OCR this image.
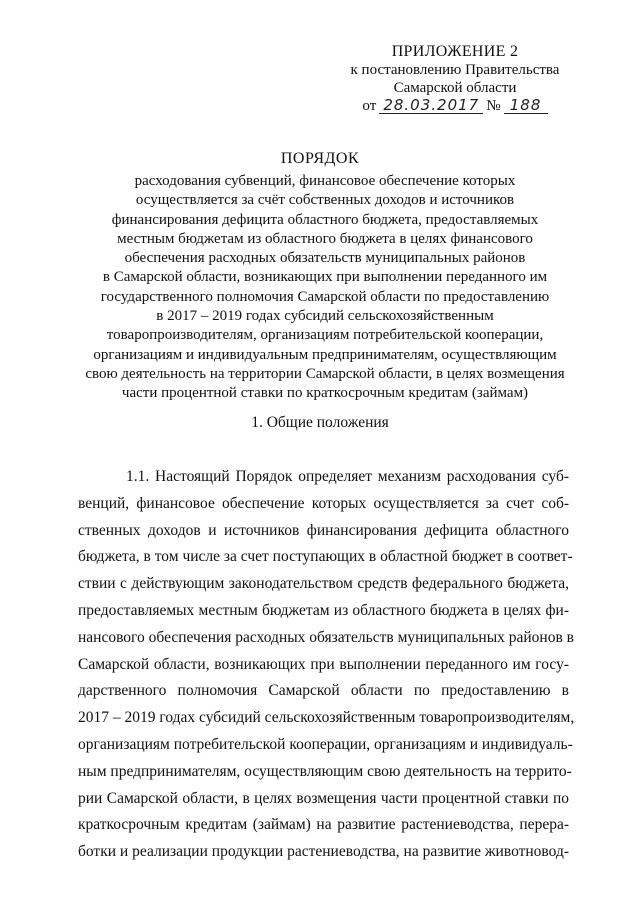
ПРИЛОЖЕНИЕ 2
к постановлению Правительства
Самарской области
от 28.03.2017 № 188
ПОРЯДОК
расходования субвенций, финансовое обеспечение которых
осуществляется за счёт собственных доходов и источников
финансирования дефицита областного бюджета, предоставляемых
местным бюджетам из областного бюджета в целях финансового
обеспечения расходных обязательств муниципальных районов
в Самарской области, возникающих при выполнении переданного им
государственного полномочия Самарской области по предоставлению
в 2017 – 2019 годах субсидий сельскохозяйственным
товаропроизводителям, организациям потребительской кооперации,
организациям и индивидуальным предпринимателям, осуществляющим
свою деятельность на территории Самарской области, в целях возмещения
части процентной ставки по краткосрочным кредитам (займам)
1. Общие положения
1.1. Настоящий Порядок определяет механизм расходования суб-
венций, финансовое обеспечение которых осуществляется за счет соб-
ственных доходов и источников финансирования дефицита областного
бюджета, в том числе за счет поступающих в областной бюджет в соответ-
ствии с действующим законодательством средств федерального бюджета,
предоставляемых местным бюджетам из областного бюджета в целях фи-
нансового обеспечения расходных обязательств муниципальных районов в
Самарской области, возникающих при выполнении переданного им госу-
дарственного полномочия Самарской области по предоставлению в
2017 – 2019 годах субсидий сельскохозяйственным товаропроизводителям,
организациям потребительской кооперации, организациям и индивидуаль-
ным предпринимателям, осуществляющим свою деятельность на террито-
рии Самарской области, в целях возмещения части процентной ставки по
краткосрочным кредитам (займам) на развитие растениеводства, перера-
ботки и реализации продукции растениеводства, на развитие животновод-
